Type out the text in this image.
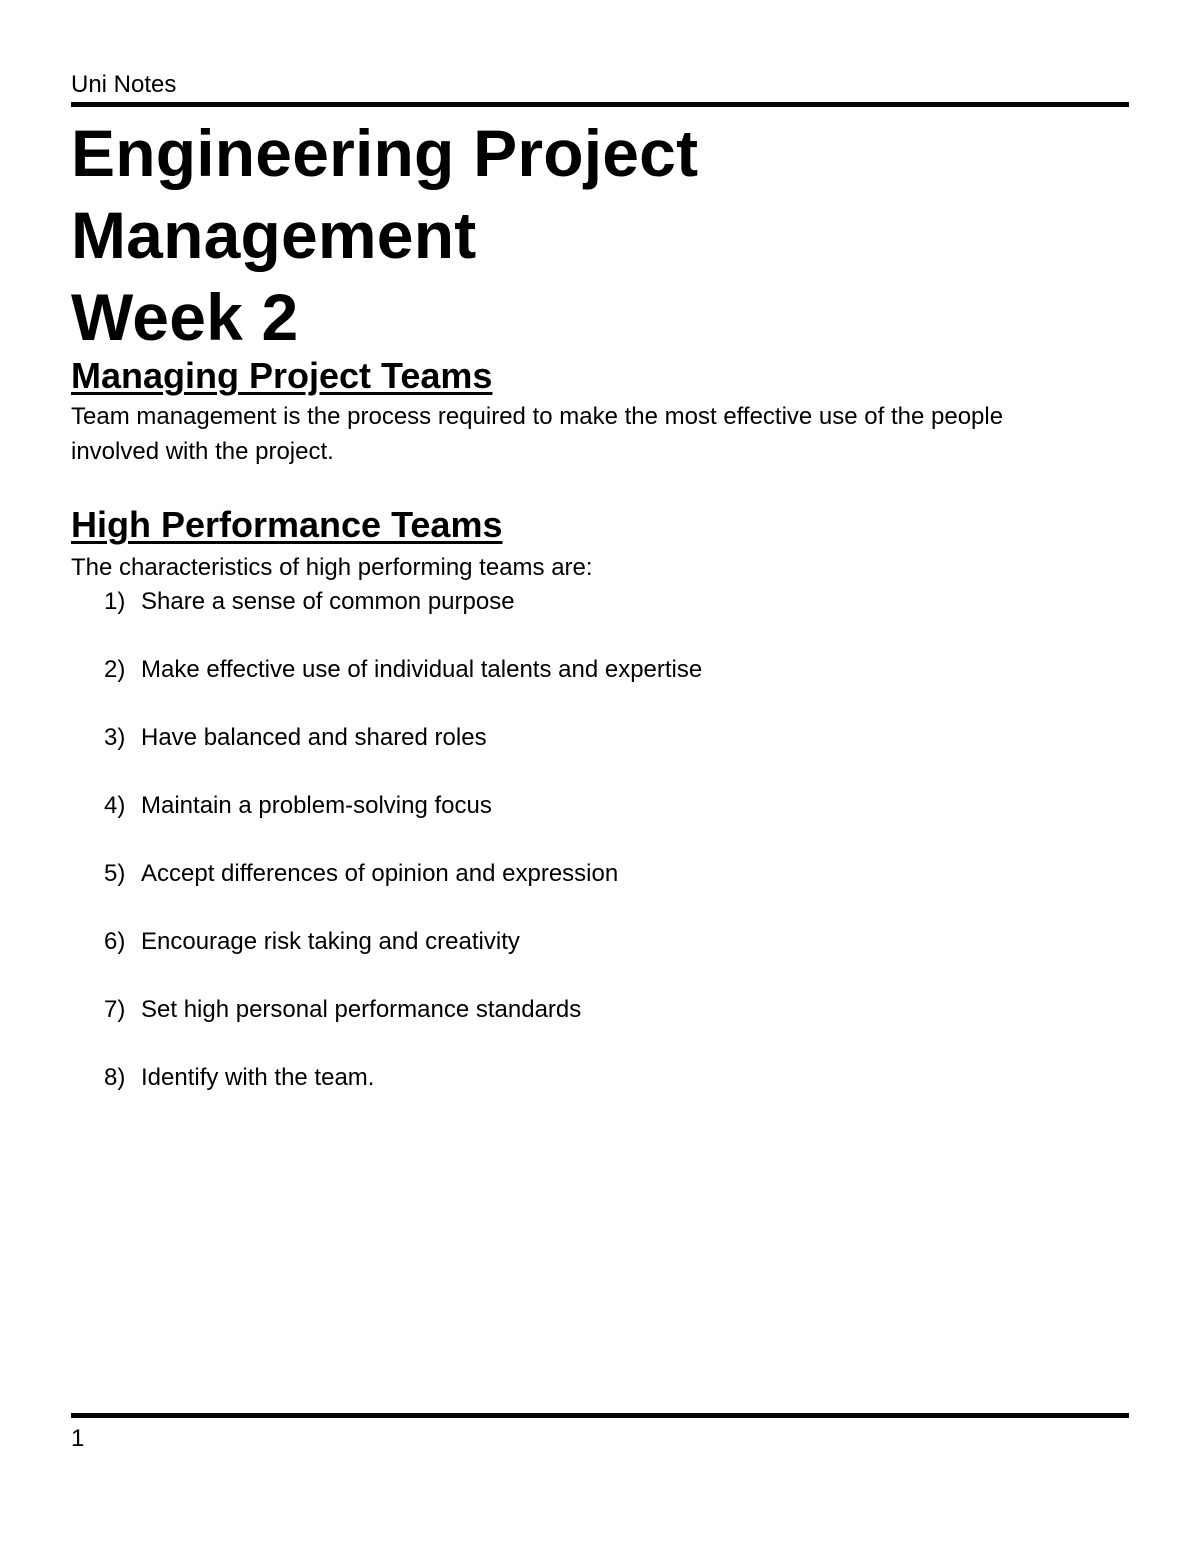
Uni Notes
Engineering Project
Management
Week 2
Managing Project Teams

Team management is the process required to make the most effective use of the people involved with the project.

High Performance Teams

The characteristics of high performing teams are:

1) Share a sense of common purpose
2) Make effective use of individual talents and expertise
3) Have balanced and shared roles
4) Maintain a problem-solving focus
5) Accept differences of opinion and expression
6) Encourage risk taking and creativity
7) Set high personal performance standards
8) Identify with the team.
1
